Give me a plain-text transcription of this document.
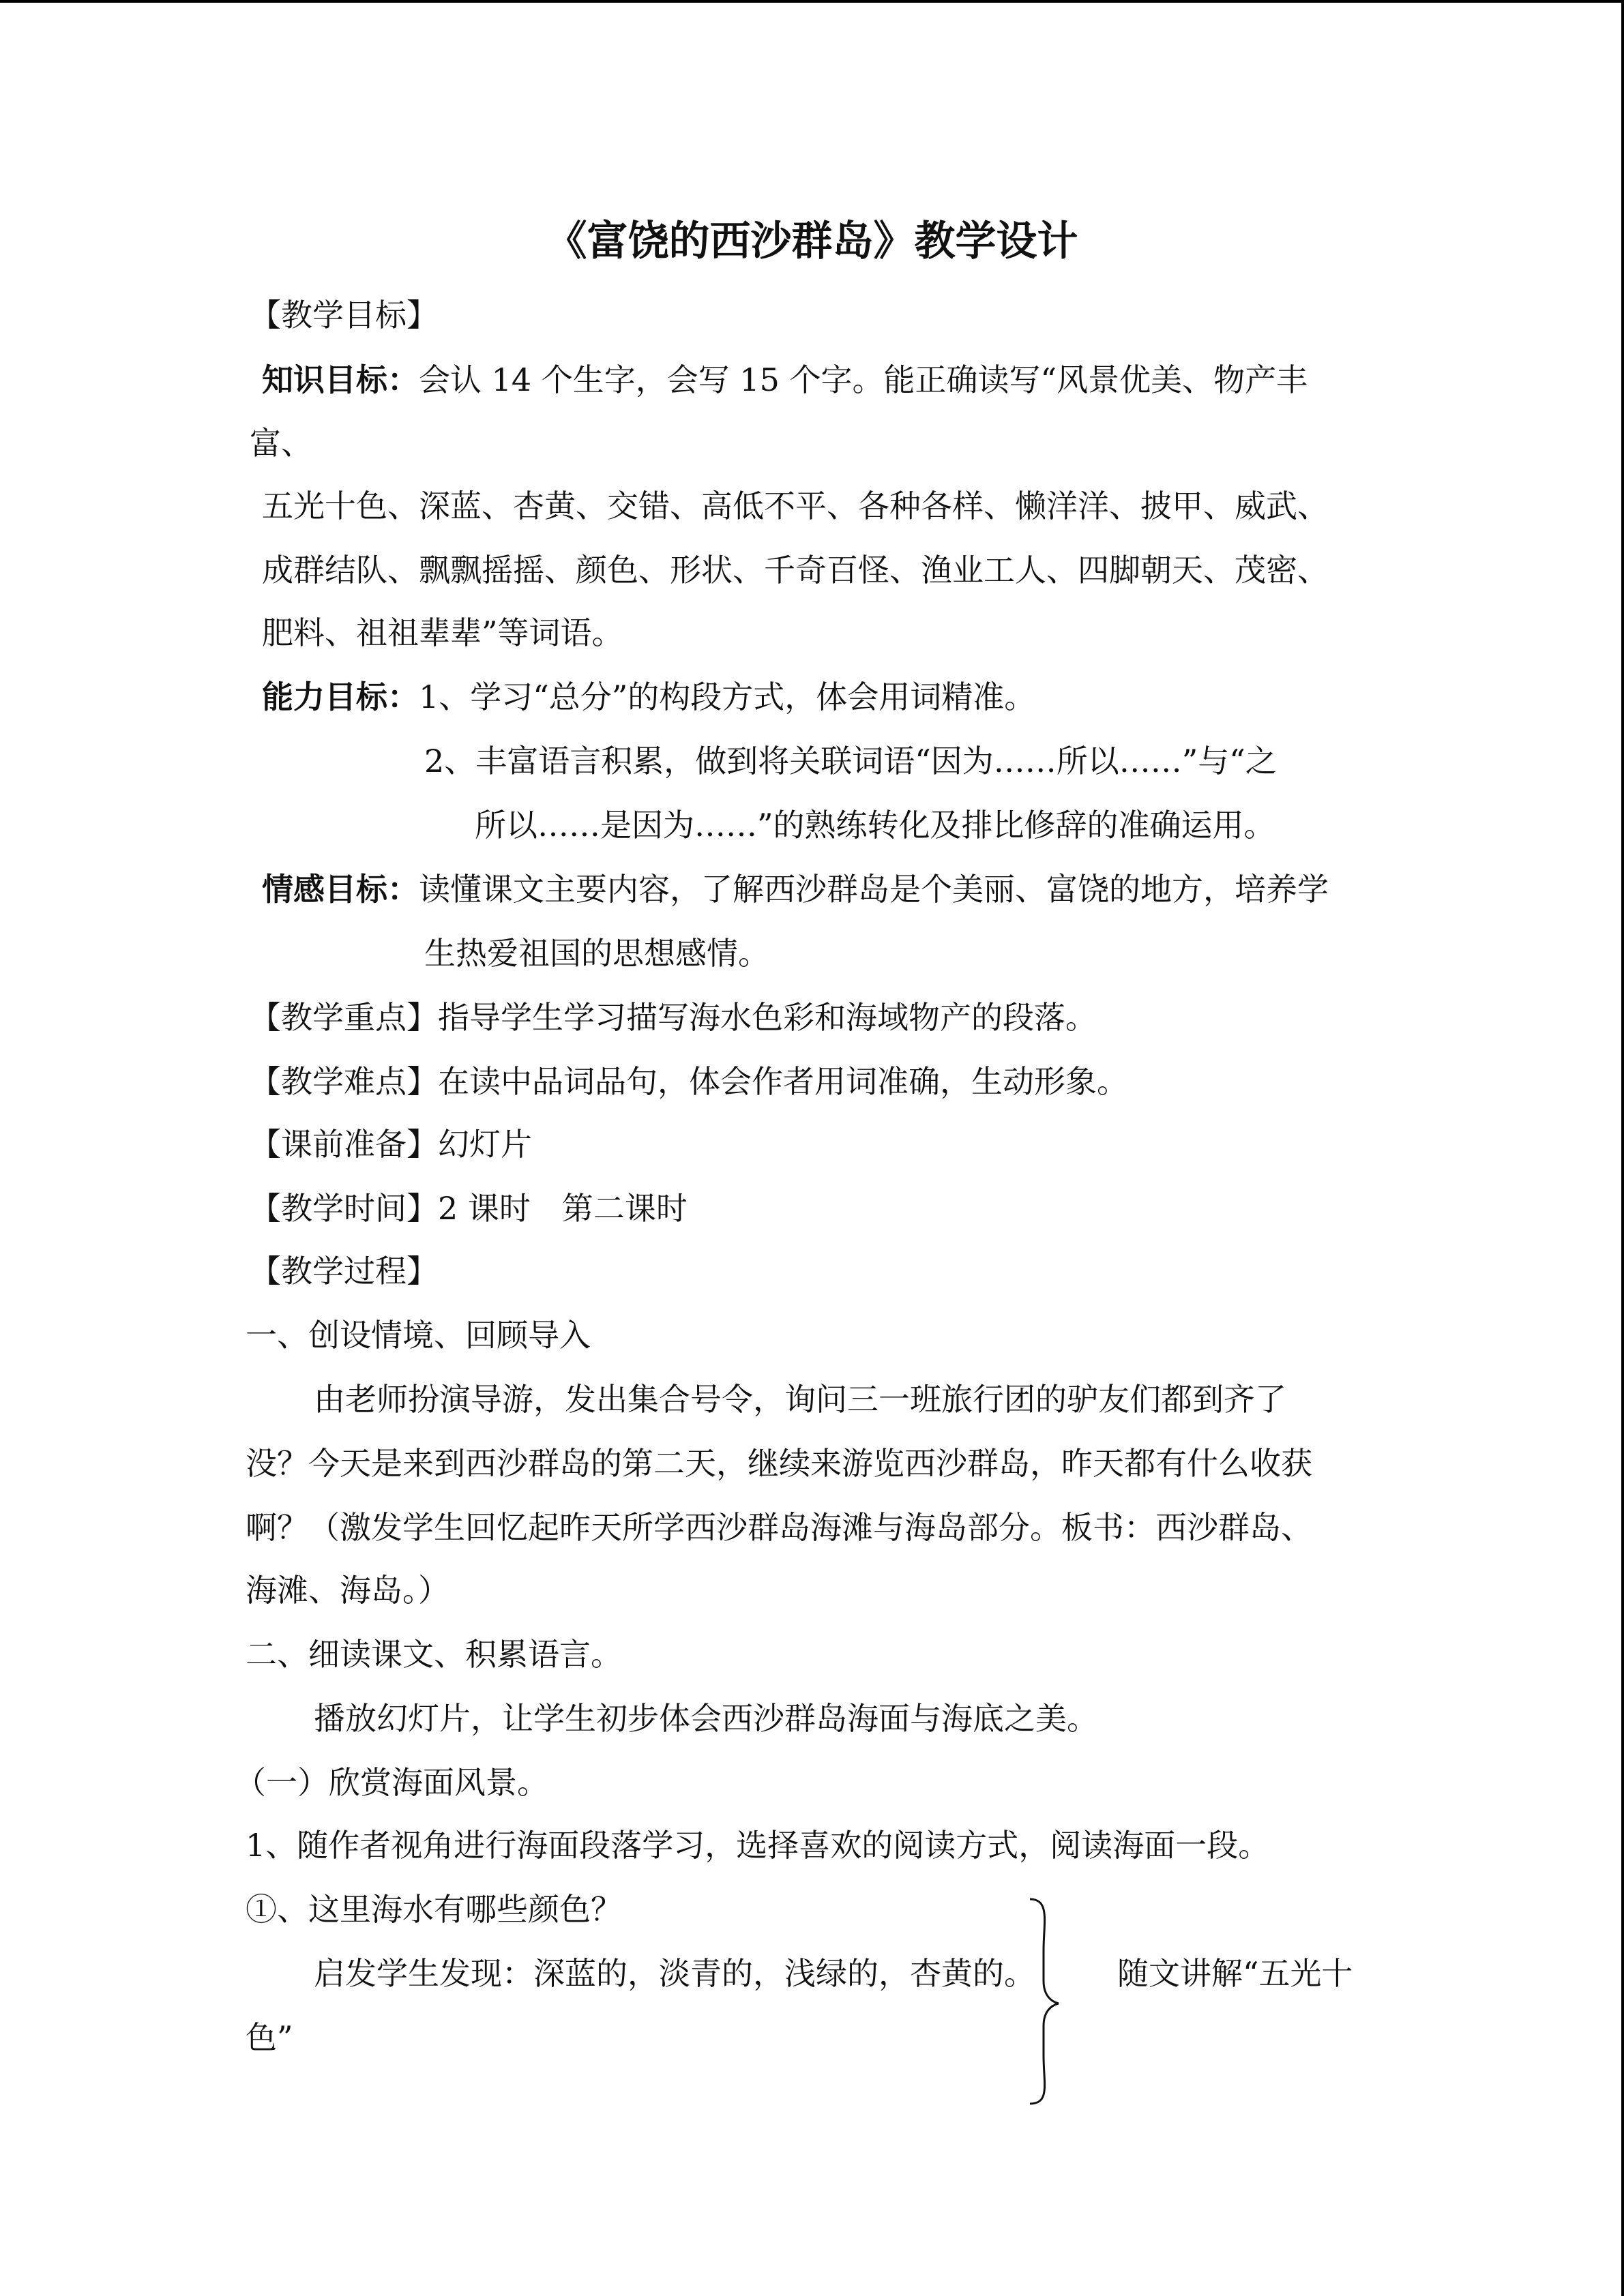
《富饶的西沙群岛》教学设计
【教学目标】
知识目标：会认 14 个生字，会写 15 个字。能正确读写“风景优美、物产丰
富、
五光十色、深蓝、杏黄、交错、高低不平、各种各样、懒洋洋、披甲、威武、
成群结队、飘飘摇摇、颜色、形状、千奇百怪、渔业工人、四脚朝天、茂密、
肥料、祖祖辈辈”等词语。
能力目标：1、学习“总分”的构段方式，体会用词精准。
2、丰富语言积累，做到将关联词语“因为……所以……”与“之
所以……是因为……”的熟练转化及排比修辞的准确运用。
情感目标：读懂课文主要内容，了解西沙群岛是个美丽、富饶的地方，培养学
生热爱祖国的思想感情。
【教学重点】指导学生学习描写海水色彩和海域物产的段落。
【教学难点】在读中品词品句，体会作者用词准确，生动形象。
【课前准备】幻灯片
【教学时间】2 课时　第二课时
【教学过程】
一、创设情境、回顾导入
由老师扮演导游，发出集合号令，询问三一班旅行团的驴友们都到齐了
没？今天是来到西沙群岛的第二天，继续来游览西沙群岛，昨天都有什么收获
啊？（激发学生回忆起昨天所学西沙群岛海滩与海岛部分。板书：西沙群岛、
海滩、海岛。）
二、细读课文、积累语言。
播放幻灯片，让学生初步体会西沙群岛海面与海底之美。
（一）欣赏海面风景。
1、随作者视角进行海面段落学习，选择喜欢的阅读方式，阅读海面一段。
①、这里海水有哪些颜色？
启发学生发现：深蓝的，淡青的，浅绿的，杏黄的。	随文讲解“五光十
色”
